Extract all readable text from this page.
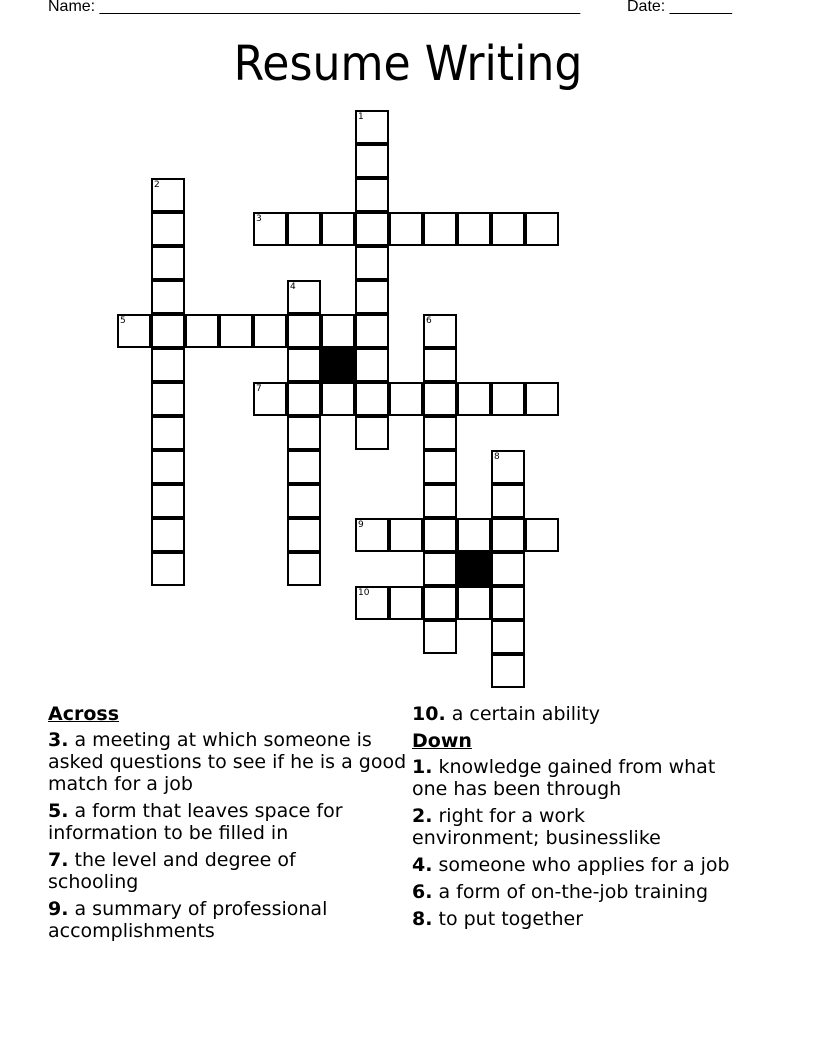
Name: ______________________________________________________	Date: _______
Resume Writing
1
2
3
4
5	6
7
8
9
10
Across
3. a meeting at which someone is asked questions to see if he is a good match for a job
5. a form that leaves space for information to be filled in
7. the level and degree of schooling
9. a summary of professional accomplishments
10. a certain ability
Down
1. knowledge gained from what one has been through
2. right for a work environment; businesslike
4. someone who applies for a job
6. a form of on-the-job training
8. to put together
